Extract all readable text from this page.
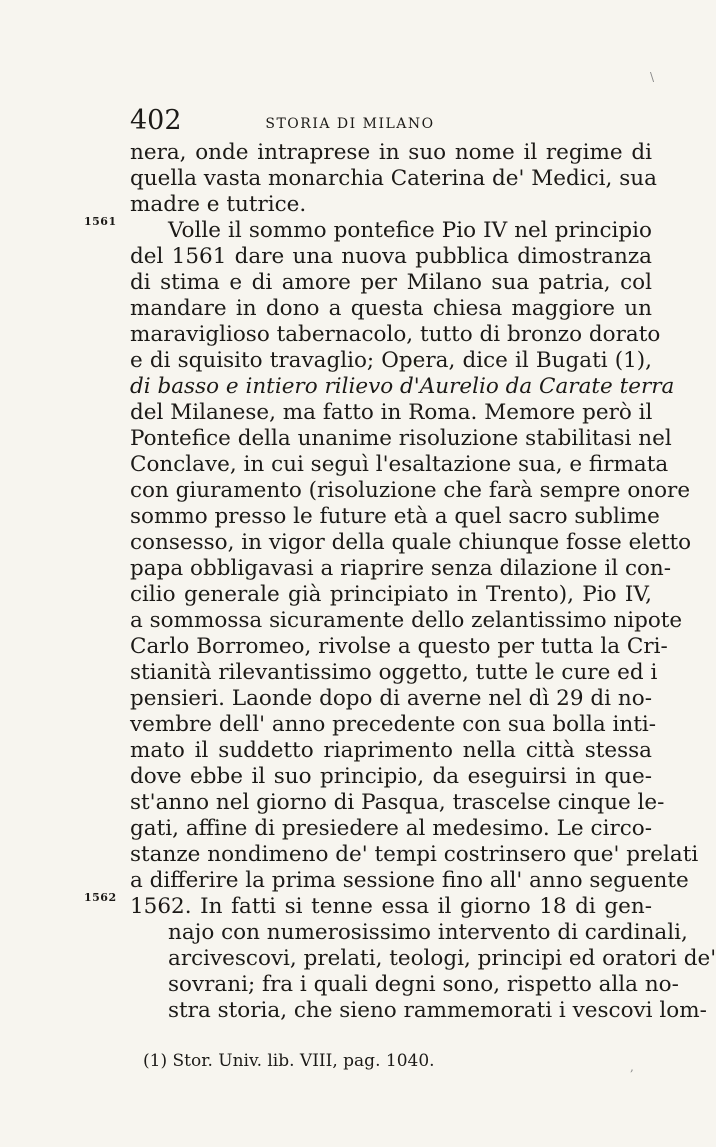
402	STORIA DI MILANO
1561
1562
nera, onde intraprese in suo nome il regime di
quella vasta monarchia Caterina de' Medici, sua
madre e tutrice.
Volle il sommo pontefice Pio IV nel principio
del 1561 dare una nuova pubblica dimostranza
di stima e di amore per Milano sua patria, col
mandare in dono a questa chiesa maggiore un
maraviglioso tabernacolo, tutto di bronzo dorato
e di squisito travaglio; Opera, dice il Bugati (1),
di basso e intiero rilievo d'Aurelio da Carate terra
del Milanese, ma fatto in Roma. Memore però il
Pontefice della unanime risoluzione stabilitasi nel
Conclave, in cui seguì l'esaltazione sua, e firmata
con giuramento (risoluzione che farà sempre onore
sommo presso le future età a quel sacro sublime
consesso, in vigor della quale chiunque fosse eletto
papa obbligavasi a riaprire senza dilazione il con-
cilio generale già principiato in Trento), Pio IV,
a sommossa sicuramente dello zelantissimo nipote
Carlo Borromeo, rivolse a questo per tutta la Cri-
stianità rilevantissimo oggetto, tutte le cure ed i
pensieri. Laonde dopo di averne nel dì 29 di no-
vembre dell' anno precedente con sua bolla inti-
mato il suddetto riaprimento nella città stessa
dove ebbe il suo principio, da eseguirsi in que-
st'anno nel giorno di Pasqua, trascelse cinque le-
gati, affine di presiedere al medesimo. Le circo-
stanze nondimeno de' tempi costrinsero que' prelati
a differire la prima sessione fino all' anno seguente
1562. In fatti si tenne essa il giorno 18 di gen-
najo con numerosissimo intervento di cardinali,
arcivescovi, prelati, teologi, principi ed oratori de'
sovrani; fra i quali degni sono, rispetto alla no-
stra storia, che sieno rammemorati i vescovi lom-
(1) Stor. Univ. lib. VIII, pag. 1040.
\
,
